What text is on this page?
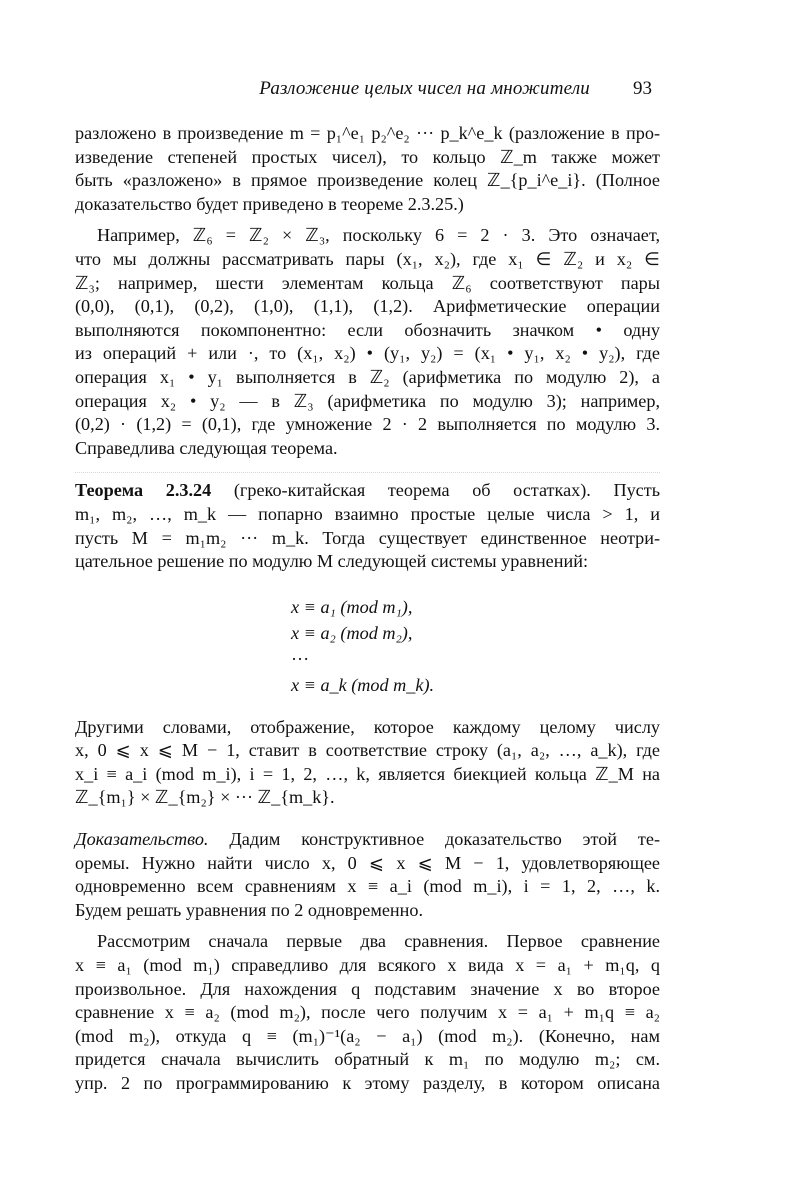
Разложение целых чисел на множители 93

разложено в произведение m = p₁^e₁ p₂^e₂ ··· p_k^e_k (разложение в про-
изведение степеней простых чисел), то кольцо ℤ_m также может
быть «разложено» в прямое произведение колец ℤ_{p_i^e_i}. (Полное
доказательство будет приведено в теореме 2.3.25.)

Например, ℤ₆ = ℤ₂ × ℤ₃, поскольку 6 = 2 · 3. Это означает,
что мы должны рассматривать пары (x₁, x₂), где x₁ ∈ ℤ₂ и x₂ ∈
ℤ₃; например, шести элементам кольца ℤ₆ соответствуют пары
(0,0), (0,1), (0,2), (1,0), (1,1), (1,2). Арифметические операции
выполняются покомпонентно: если обозначить значком • одну
из операций + или ·, то (x₁, x₂) • (y₁, y₂) = (x₁ • y₁, x₂ • y₂), где
операция x₁ • y₁ выполняется в ℤ₂ (арифметика по модулю 2), а
операция x₂ • y₂ — в ℤ₃ (арифметика по модулю 3); например,
(0,2) · (1,2) = (0,1), где умножение 2 · 2 выполняется по модулю 3.
Справедлива следующая теорема.

Теорема 2.3.24 (греко-китайская теорема об остатках). Пусть
m₁, m₂, …, m_k — попарно взаимно простые целые числа > 1, и
пусть M = m₁m₂ ··· m_k. Тогда существует единственное неотри-
цательное решение по модулю M следующей системы уравнений:

x ≡ a₁ (mod m₁),
x ≡ a₂ (mod m₂),
···
x ≡ a_k (mod m_k).

Другими словами, отображение, которое каждому целому числу
x, 0 ⩽ x ⩽ M − 1, ставит в соответствие строку (a₁, a₂, …, a_k), где
x_i ≡ a_i (mod m_i), i = 1, 2, …, k, является биекцией кольца ℤ_M на
ℤ_{m₁} × ℤ_{m₂} × ··· ℤ_{m_k}.

Доказательство. Дадим конструктивное доказательство этой те-
оремы. Нужно найти число x, 0 ⩽ x ⩽ M − 1, удовлетворяющее
одновременно всем сравнениям x ≡ a_i (mod m_i), i = 1, 2, …, k.
Будем решать уравнения по 2 одновременно.

Рассмотрим сначала первые два сравнения. Первое сравнение
x ≡ a₁ (mod m₁) справедливо для всякого x вида x = a₁ + m₁q, q
произвольное. Для нахождения q подставим значение x во второе
сравнение x ≡ a₂ (mod m₂), после чего получим x = a₁ + m₁q ≡ a₂
(mod m₂), откуда q ≡ (m₁)⁻¹(a₂ − a₁) (mod m₂). (Конечно, нам
придется сначала вычислить обратный к m₁ по модулю m₂; см.
упр. 2 по программированию к этому разделу, в котором описана
